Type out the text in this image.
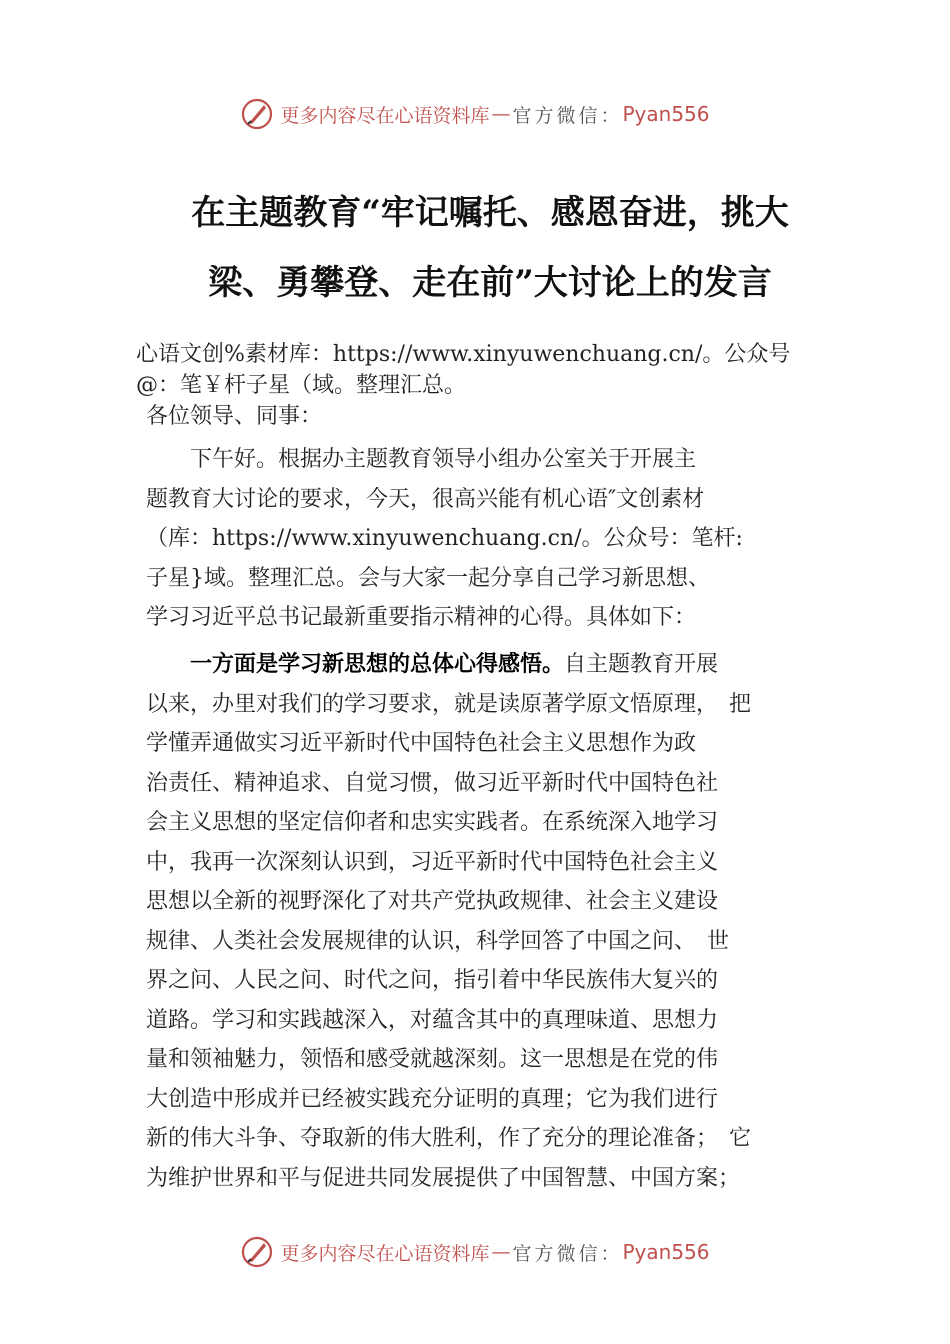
更多内容尽在心语资料库 — 官方微信： Pyan556
在主题教育“牢记嘱托、感恩奋进，挑大
梁、勇攀登、走在前”大讨论上的发言
心语文创%素材库：https://www.xinyuwenchuang.cn/。公众号
@：笔￥杆子星（域。整理汇总。
各位领导、同事：
　　下午好。根据办主题教育领导小组办公室关于开展主
题教育大讨论的要求，今天，很高兴能有机心语″文创素材
（库：https://www.xinyuwenchuang.cn/。公众号：笔杆:
子星}域。整理汇总。会与大家一起分享自己学习新思想、
学习习近平总书记最新重要指示精神的心得。具体如下：
　　一方面是学习新思想的总体心得感悟。自主题教育开展
以来，办里对我们的学习要求，就是读原著学原文悟原理，　把
学懂弄通做实习近平新时代中国特色社会主义思想作为政
治责任、精神追求、自觉习惯，做习近平新时代中国特色社
会主义思想的坚定信仰者和忠实实践者。在系统深入地学习
中，我再一次深刻认识到，习近平新时代中国特色社会主义
思想以全新的视野深化了对共产党执政规律、社会主义建设
规律、人类社会发展规律的认识，科学回答了中国之问、　世
界之问、人民之问、时代之问，指引着中华民族伟大复兴的
道路。学习和实践越深入，对蕴含其中的真理味道、思想力
量和领袖魅力，领悟和感受就越深刻。这一思想是在党的伟
大创造中形成并已经被实践充分证明的真理；它为我们进行
新的伟大斗争、夺取新的伟大胜利，作了充分的理论准备；　它
为维护世界和平与促进共同发展提供了中国智慧、中国方案；
更多内容尽在心语资料库 — 官方微信： Pyan556
